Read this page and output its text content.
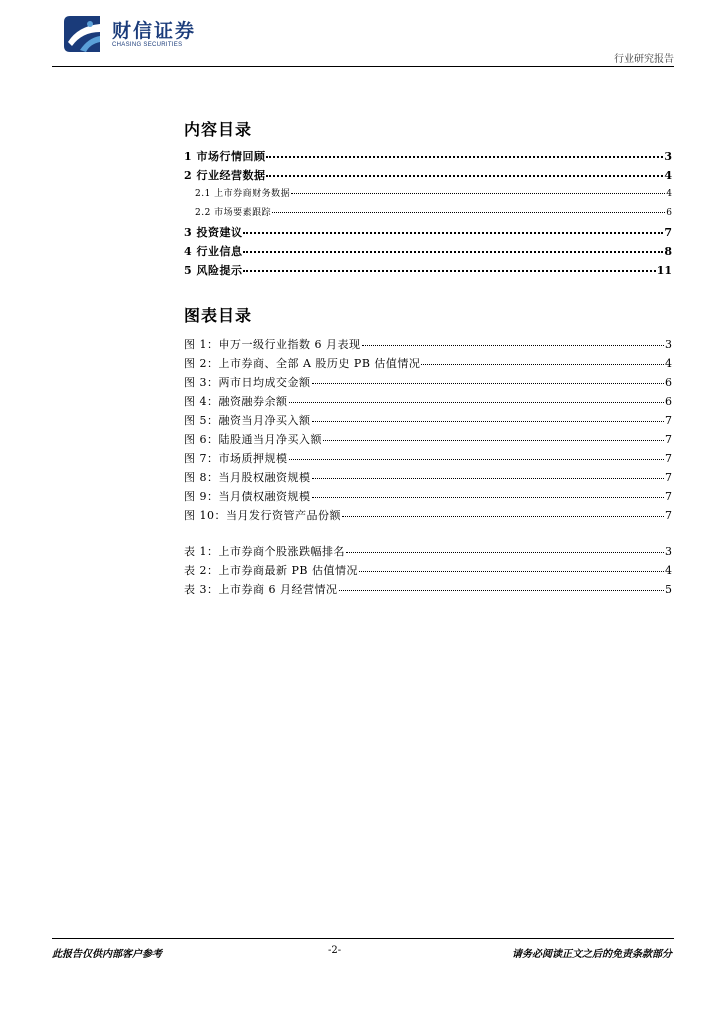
财信证券
CHASING SECURITIES
行业研究报告
内容目录
1 市场行情回顾	3
2 行业经营数据	4
2.1 上市券商财务数据	4
2.2 市场要素跟踪	6
3 投资建议	7
4 行业信息	8
5 风险提示	11
图表目录
图 1：申万一级行业指数 6 月表现	3
图 2：上市券商、全部 A 股历史 PB 估值情况	4
图 3：两市日均成交金额	6
图 4：融资融券余额	6
图 5：融资当月净买入额	7
图 6：陆股通当月净买入额	7
图 7：市场质押规模	7
图 8：当月股权融资规模	7
图 9：当月债权融资规模	7
图 10：当月发行资管产品份额	7
表 1：上市券商个股涨跌幅排名	3
表 2：上市券商最新 PB 估值情况	4
表 3：上市券商 6 月经营情况	5
此报告仅供内部客户参考	-2-	请务必阅读正文之后的免责条款部分
